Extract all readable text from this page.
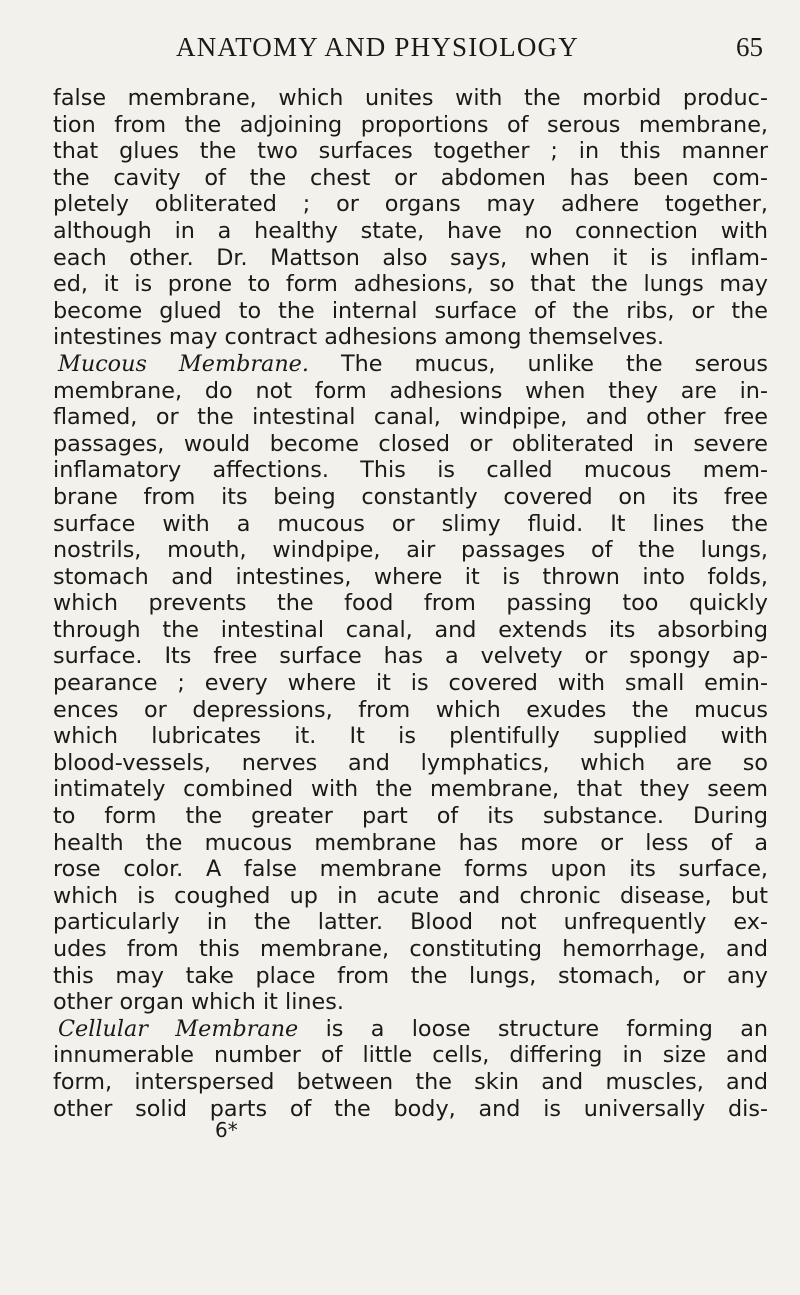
ANATOMY AND PHYSIOLOGY	65
false membrane, which unites with the morbid produc-
tion from the adjoining proportions of serous membrane,
that glues the two surfaces together ; in this manner
the cavity of the chest or abdomen has been com-
pletely obliterated ; or organs may adhere together,
although in a healthy state, have no connection with
each other. Dr. Mattson also says, when it is inflam-
ed, it is prone to form adhesions, so that the lungs may
become glued to the internal surface of the ribs, or the
intestines may contract adhesions among themselves.
Mucous Membrane. The mucus, unlike the serous
membrane, do not form adhesions when they are in-
flamed, or the intestinal canal, windpipe, and other free
passages, would become closed or obliterated in severe
inflamatory affections. This is called mucous mem-
brane from its being constantly covered on its free
surface with a mucous or slimy fluid. It lines the
nostrils, mouth, windpipe, air passages of the lungs,
stomach and intestines, where it is thrown into folds,
which prevents the food from passing too quickly
through the intestinal canal, and extends its absorbing
surface. Its free surface has a velvety or spongy ap-
pearance ; every where it is covered with small emin-
ences or depressions, from which exudes the mucus
which lubricates it. It is plentifully supplied with
blood-vessels, nerves and lymphatics, which are so
intimately combined with the membrane, that they seem
to form the greater part of its substance. During
health the mucous membrane has more or less of a
rose color. A false membrane forms upon its surface,
which is coughed up in acute and chronic disease, but
particularly in the latter. Blood not unfrequently ex-
udes from this membrane, constituting hemorrhage, and
this may take place from the lungs, stomach, or any
other organ which it lines.
Cellular Membrane is a loose structure forming an
innumerable number of little cells, differing in size and
form, interspersed between the skin and muscles, and
other solid parts of the body, and is universally dis-
6*
